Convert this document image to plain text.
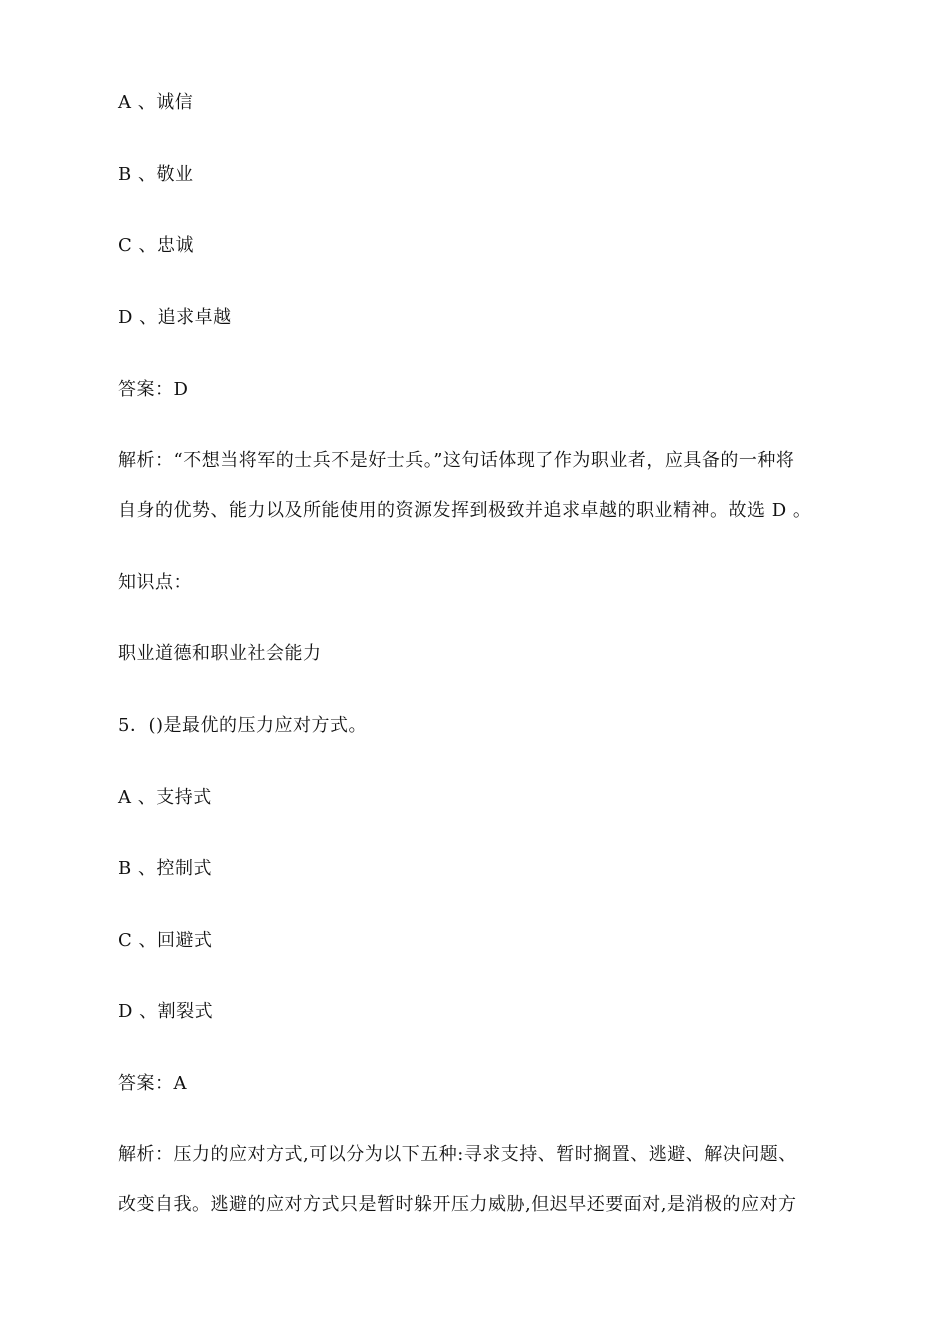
A 、诚信
B 、敬业
C 、忠诚
D 、追求卓越
答案：D
解析：“不想当将军的士兵不是好士兵。”这句话体现了作为职业者，应具备的一种将
自身的优势、能力以及所能使用的资源发挥到极致并追求卓越的职业精神。故选 D 。
知识点：
职业道德和职业社会能力
5．()是最优的压力应对方式。
A 、支持式
B 、控制式
C 、回避式
D 、割裂式
答案：A
解析：压力的应对方式,可以分为以下五种:寻求支持、暂时搁置、逃避、解决问题、
改变自我。逃避的应对方式只是暂时躲开压力威胁,但迟早还要面对,是消极的应对方
